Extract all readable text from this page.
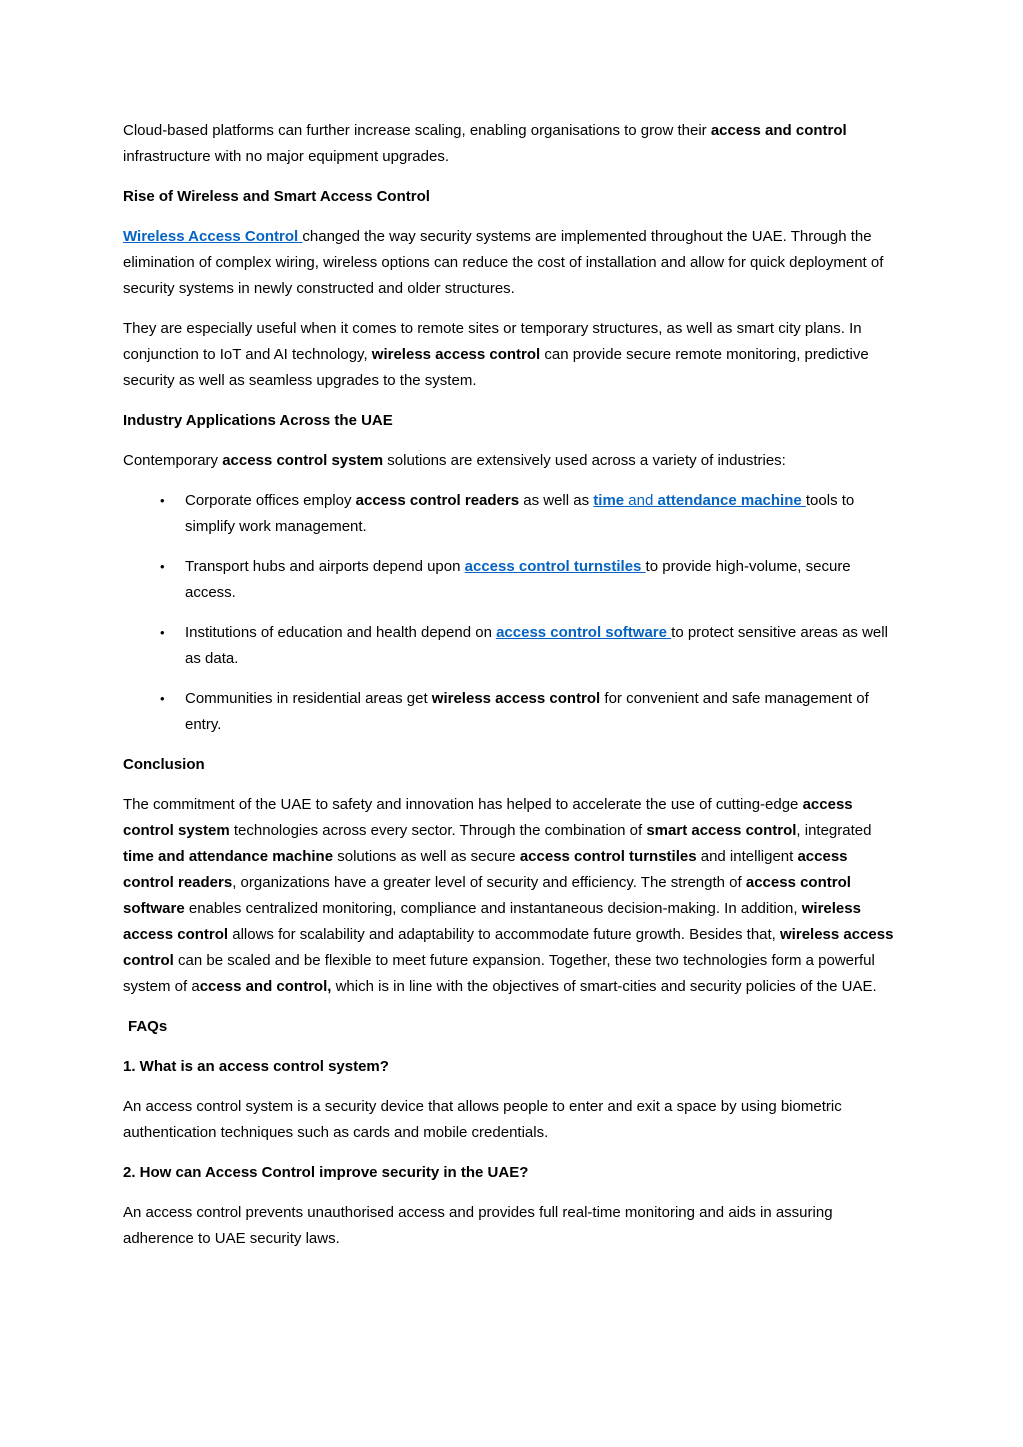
Cloud-based platforms can further increase scaling, enabling organisations to grow their access and control infrastructure with no major equipment upgrades.

Rise of Wireless and Smart Access Control

Wireless Access Control changed the way security systems are implemented throughout the UAE. Through the elimination of complex wiring, wireless options can reduce the cost of installation and allow for quick deployment of security systems in newly constructed and older structures.

They are especially useful when it comes to remote sites or temporary structures, as well as smart city plans. In conjunction to IoT and AI technology, wireless access control can provide secure remote monitoring, predictive security as well as seamless upgrades to the system.

Industry Applications Across the UAE

Contemporary access control system solutions are extensively used across a variety of industries:

•	Corporate offices employ access control readers as well as time and attendance machine tools to simplify work management.
•	Transport hubs and airports depend upon access control turnstiles to provide high-volume, secure access.
•	Institutions of education and health depend on access control software to protect sensitive areas as well as data.
•	Communities in residential areas get wireless access control for convenient and safe management of entry.

Conclusion

The commitment of the UAE to safety and innovation has helped to accelerate the use of cutting-edge access control system technologies across every sector. Through the combination of smart access control, integrated time and attendance machine solutions as well as secure access control turnstiles and intelligent access control readers, organizations have a greater level of security and efficiency. The strength of access control software enables centralized monitoring, compliance and instantaneous decision-making. In addition, wireless access control allows for scalability and adaptability to accommodate future growth. Besides that, wireless access control can be scaled and be flexible to meet future expansion. Together, these two technologies form a powerful system of access and control, which is in line with the objectives of smart-cities and security policies of the UAE.

FAQs

1. What is an access control system?

An access control system is a security device that allows people to enter and exit a space by using biometric authentication techniques such as cards and mobile credentials.

2. How can Access Control improve security in the UAE?

An access control prevents unauthorised access and provides full real-time monitoring and aids in assuring adherence to UAE security laws.
